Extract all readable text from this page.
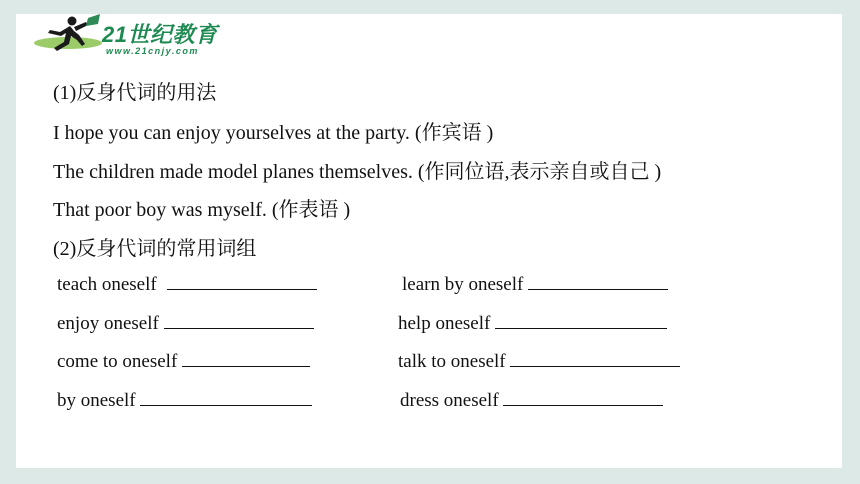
21世纪教育
www.21cnjy.com
(1)反身代词的用法
I hope you can enjoy yourselves at the party. (作宾语 )
The children made model planes themselves. (作同位语,表示亲自或自己 )
That poor boy was myself. (作表语 )
(2)反身代词的常用词组
teach oneself	learn by oneself
enjoy oneself	help oneself
come to oneself	talk to oneself
by oneself	dress oneself
